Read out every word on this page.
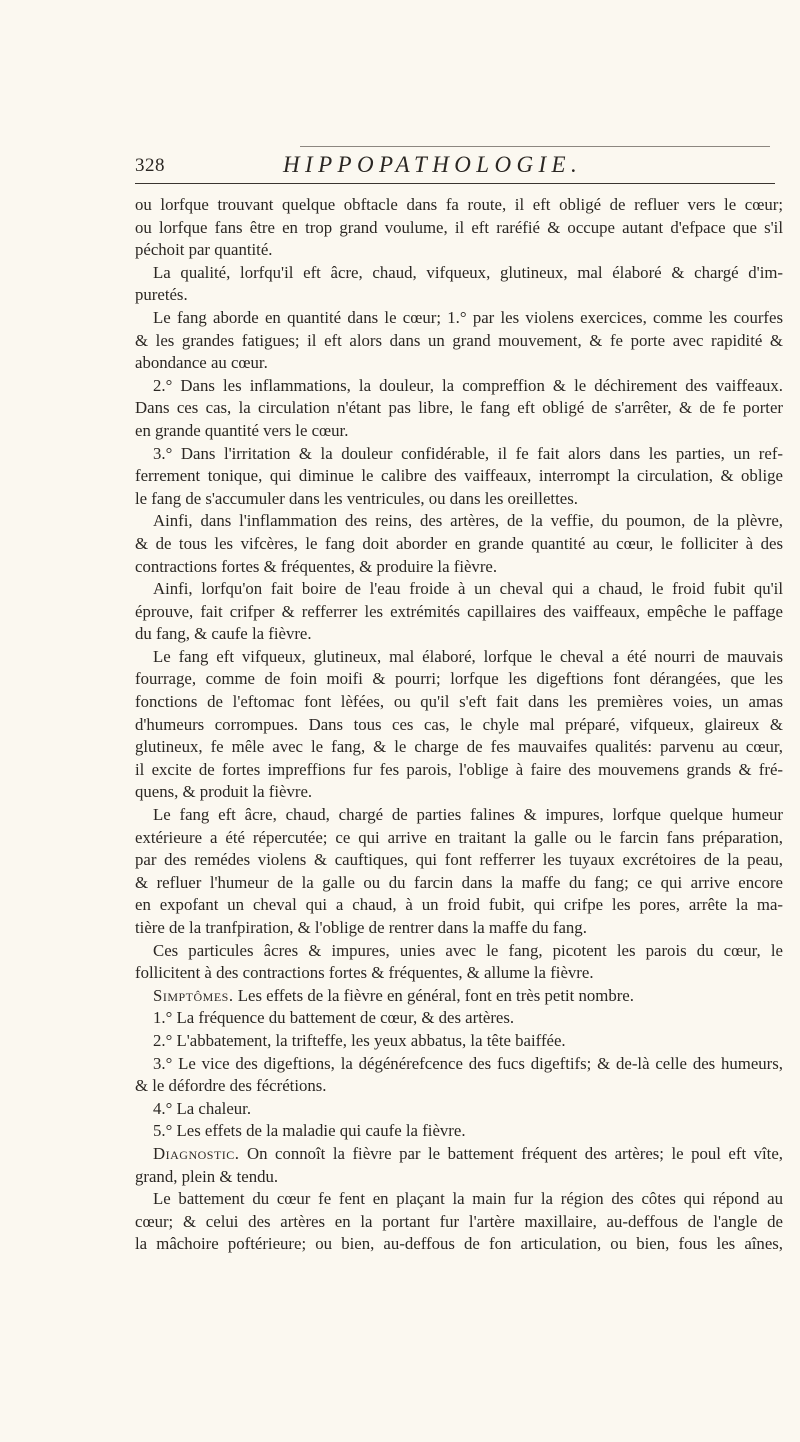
328	HIPPOPATHOLOGIE.
ou lorfque trouvant quelque obftacle dans fa route, il eft obligé de refluer vers le cœur;
ou lorfque fans être en trop grand voulume, il eft raréfié & occupe autant d'efpace que s'il
péchoit par quantité.
La qualité, lorfqu'il eft âcre, chaud, vifqueux, glutineux, mal élaboré & chargé d'im-
puretés.
Le fang aborde en quantité dans le cœur; 1.° par les violens exercices, comme les courfes
& les grandes fatigues; il eft alors dans un grand mouvement, & fe porte avec rapidité &
abondance au cœur.
2.° Dans les inflammations, la douleur, la compreffion & le déchirement des vaiffeaux.
Dans ces cas, la circulation n'étant pas libre, le fang eft obligé de s'arrêter, & de fe porter
en grande quantité vers le cœur.
3.° Dans l'irritation & la douleur confidérable, il fe fait alors dans les parties, un ref-
ferrement tonique, qui diminue le calibre des vaiffeaux, interrompt la circulation, & oblige
le fang de s'accumuler dans les ventricules, ou dans les oreillettes.
Ainfi, dans l'inflammation des reins, des artères, de la veffie, du poumon, de la plèvre,
& de tous les vifcères, le fang doit aborder en grande quantité au cœur, le folliciter à des
contractions fortes & fréquentes, & produire la fièvre.
Ainfi, lorfqu'on fait boire de l'eau froide à un cheval qui a chaud, le froid fubit qu'il
éprouve, fait crifper & refferrer les extrémités capillaires des vaiffeaux, empêche le paffage
du fang, & caufe la fièvre.
Le fang eft vifqueux, glutineux, mal élaboré, lorfque le cheval a été nourri de mauvais
fourrage, comme de foin moifi & pourri; lorfque les digeftions font dérangées, que les
fonctions de l'eftomac font lèfées, ou qu'il s'eft fait dans les premières voies, un amas
d'humeurs corrompues. Dans tous ces cas, le chyle mal préparé, vifqueux, glaireux &
glutineux, fe mêle avec le fang, & le charge de fes mauvaifes qualités: parvenu au cœur,
il excite de fortes impreffions fur fes parois, l'oblige à faire des mouvemens grands & fré-
quens, & produit la fièvre.
Le fang eft âcre, chaud, chargé de parties falines & impures, lorfque quelque humeur
extérieure a été répercutée; ce qui arrive en traitant la galle ou le farcin fans préparation,
par des remédes violens & cauftiques, qui font refferrer les tuyaux excrétoires de la peau,
& refluer l'humeur de la galle ou du farcin dans la maffe du fang; ce qui arrive encore
en expofant un cheval qui a chaud, à un froid fubit, qui crifpe les pores, arrête la ma-
tière de la tranfpiration, & l'oblige de rentrer dans la maffe du fang.
Ces particules âcres & impures, unies avec le fang, picotent les parois du cœur, le
follicitent à des contractions fortes & fréquentes, & allume la fièvre.
Simptômes. Les effets de la fièvre en général, font en très petit nombre.
1.° La fréquence du battement de cœur, & des artères.
2.° L'abbatement, la trifteffe, les yeux abbatus, la tête baiffée.
3.° Le vice des digeftions, la dégénérefcence des fucs digeftifs; & de-là celle des humeurs,
& le défordre des fécrétions.
4.° La chaleur.
5.° Les effets de la maladie qui caufe la fièvre.
Diagnostic. On connoît la fièvre par le battement fréquent des artères; le poul eft vîte,
grand, plein & tendu.
Le battement du cœur fe fent en plaçant la main fur la région des côtes qui répond au
cœur; & celui des artères en la portant fur l'artère maxillaire, au-deffous de l'angle de
la mâchoire poftérieure; ou bien, au-deffous de fon articulation, ou bien, fous les aînes,
